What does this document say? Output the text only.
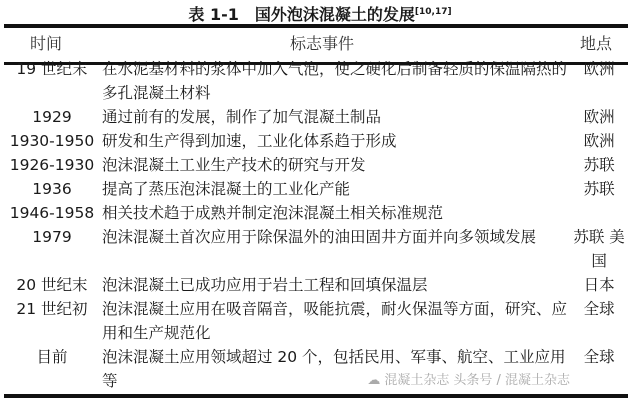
表 1-1　国外泡沫混凝土的发展[10,17]
时间	标志事件	地点
19 世纪末	在水泥基材料的浆体中加入气泡，使之硬化后制备轻质的保温隔热的多孔混凝土材料	欧洲
1929	通过前有的发展，制作了加气混凝土制品	欧洲
1930-1950	研发和生产得到加速，工业化体系趋于形成	欧洲
1926-1930	泡沫混凝土工业生产技术的研究与开发	苏联
1936	提高了蒸压泡沫混凝土的工业化产能	苏联
1946-1958	相关技术趋于成熟并制定泡沫混凝土相关标准规范	
1979	泡沫混凝土首次应用于除保温外的油田固井方面并向多领域发展	苏联 美国
20 世纪末	泡沫混凝土已成功应用于岩土工程和回填保温层	日本
21 世纪初	泡沫混凝土应用在吸音隔音，吸能抗震，耐火保温等方面，研究、应用和生产规范化	全球
目前	泡沫混凝土应用领域超过 20 个，包括民用、军事、航空、工业应用等	全球
☁ 混凝土杂志 头条号 / 混凝土杂志
